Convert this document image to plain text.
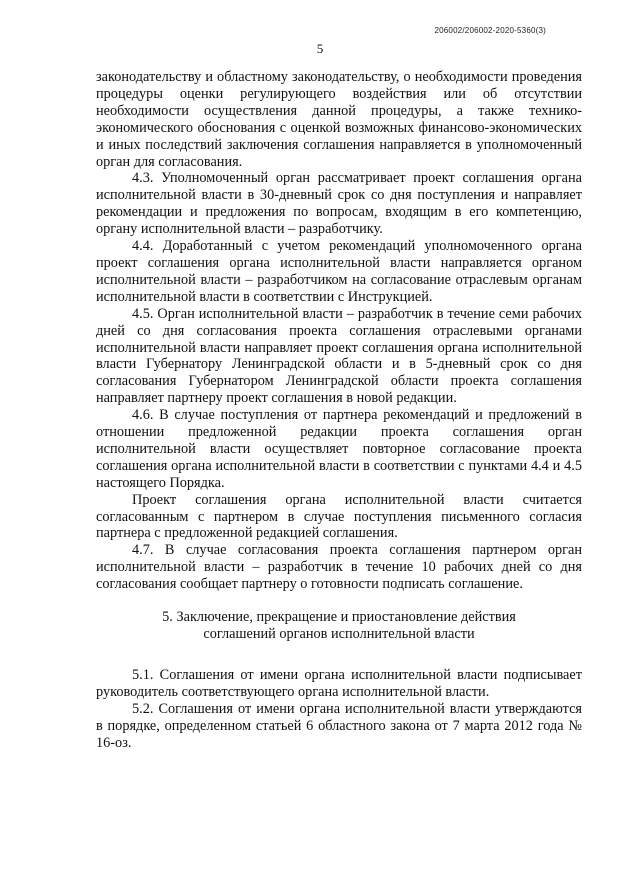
206002/206002-2020-5360(3)
5

законодательству и областному законодательству, о необходимости проведения процедуры оценки регулирующего воздействия или об отсутствии необходимости осуществления данной процедуры, а также технико-экономического обоснования с оценкой возможных финансово-экономических и иных последствий заключения соглашения направляется в уполномоченный орган для согласования.

4.3. Уполномоченный орган рассматривает проект соглашения органа исполнительной власти в 30-дневный срок со дня поступления и направляет рекомендации и предложения по вопросам, входящим в его компетенцию, органу исполнительной власти – разработчику.

4.4. Доработанный с учетом рекомендаций уполномоченного органа проект соглашения органа исполнительной власти направляется органом исполнительной власти – разработчиком на согласование отраслевым органам исполнительной власти в соответствии с Инструкцией.

4.5. Орган исполнительной власти – разработчик в течение семи рабочих дней со дня согласования проекта соглашения отраслевыми органами исполнительной власти направляет проект соглашения органа исполнительной власти Губернатору Ленинградской области и в 5-дневный срок со дня согласования Губернатором Ленинградской области проекта соглашения направляет партнеру проект соглашения в новой редакции.

4.6. В случае поступления от партнера рекомендаций и предложений в отношении предложенной редакции проекта соглашения орган исполнительной власти осуществляет повторное согласование проекта соглашения органа исполнительной власти в соответствии с пунктами 4.4 и 4.5 настоящего Порядка.

Проект соглашения органа исполнительной власти считается согласованным с партнером в случае поступления письменного согласия партнера с предложенной редакцией соглашения.

4.7. В случае согласования проекта соглашения партнером орган исполнительной власти – разработчик в течение 10 рабочих дней со дня согласования сообщает партнеру о готовности подписать соглашение.

5. Заключение, прекращение и приостановление действия
соглашений органов исполнительной власти

5.1. Соглашения от имени органа исполнительной власти подписывает руководитель соответствующего органа исполнительной власти.

5.2. Соглашения от имени органа исполнительной власти утверждаются в порядке, определенном статьей 6 областного закона от 7 марта 2012 года № 16-оз.
